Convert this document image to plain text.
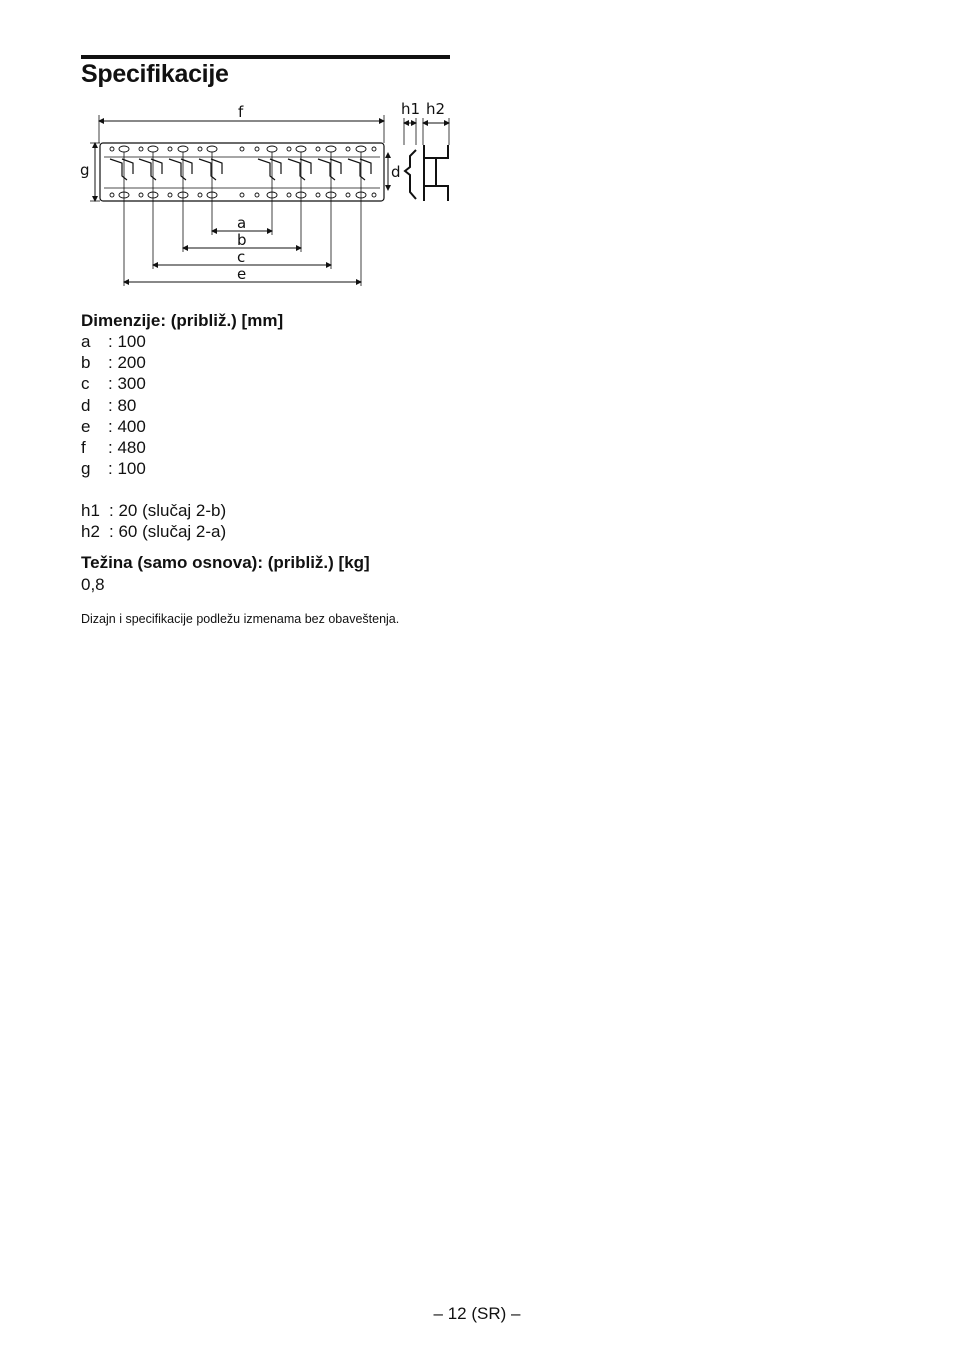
Specifikacije
f
g	d
h1 h2
a
b
c
e
Dimenzije: (približ.) [mm]
a	: 100
b	: 200
c	: 300
d	: 80
e	: 400
f	: 480
g	: 100
h1 : 20 (slučaj 2-b)
h2 : 60 (slučaj 2-a)
Težina (samo osnova): (približ.) [kg]
0,8
Dizajn i specifikacije podležu izmenama bez obaveštenja.
– 12 (SR) –
